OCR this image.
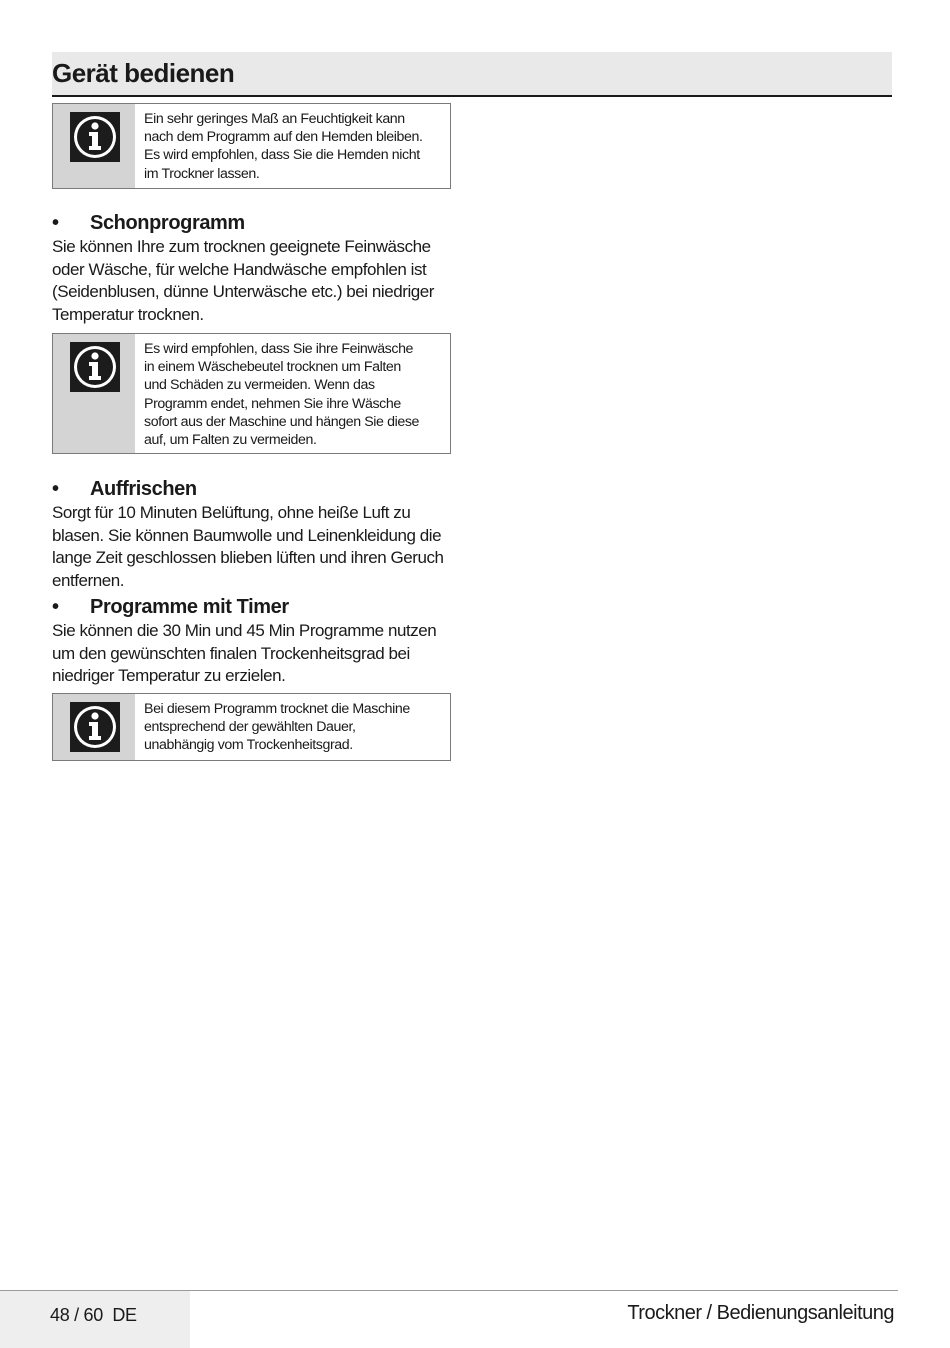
Gerät bedienen
Ein sehr geringes Maß an Feuchtigkeit kann
nach dem Programm auf den Hemden bleiben.
Es wird empfohlen, dass Sie die Hemden nicht
im Trockner lassen.
• Schonprogramm
Sie können Ihre zum trocknen geeignete Feinwäsche
oder Wäsche, für welche Handwäsche empfohlen ist
(Seidenblusen, dünne Unterwäsche etc.) bei niedriger
Temperatur trocknen.
Es wird empfohlen, dass Sie ihre Feinwäsche
in einem Wäschebeutel trocknen um Falten
und Schäden zu vermeiden. Wenn das
Programm endet, nehmen Sie ihre Wäsche
sofort aus der Maschine und hängen Sie diese
auf, um Falten zu vermeiden.
• Auffrischen
Sorgt für 10 Minuten Belüftung, ohne heiße Luft zu
blasen. Sie können Baumwolle und Leinenkleidung die
lange Zeit geschlossen blieben lüften und ihren Geruch
entfernen.
• Programme mit Timer
Sie können die 30 Min und 45 Min Programme nutzen
um den gewünschten finalen Trockenheitsgrad bei
niedriger Temperatur zu erzielen.
Bei diesem Programm trocknet die Maschine
entsprechend der gewählten Dauer,
unabhängig vom Trockenheitsgrad.
48 / 60  DE	Trockner / Bedienungsanleitung
